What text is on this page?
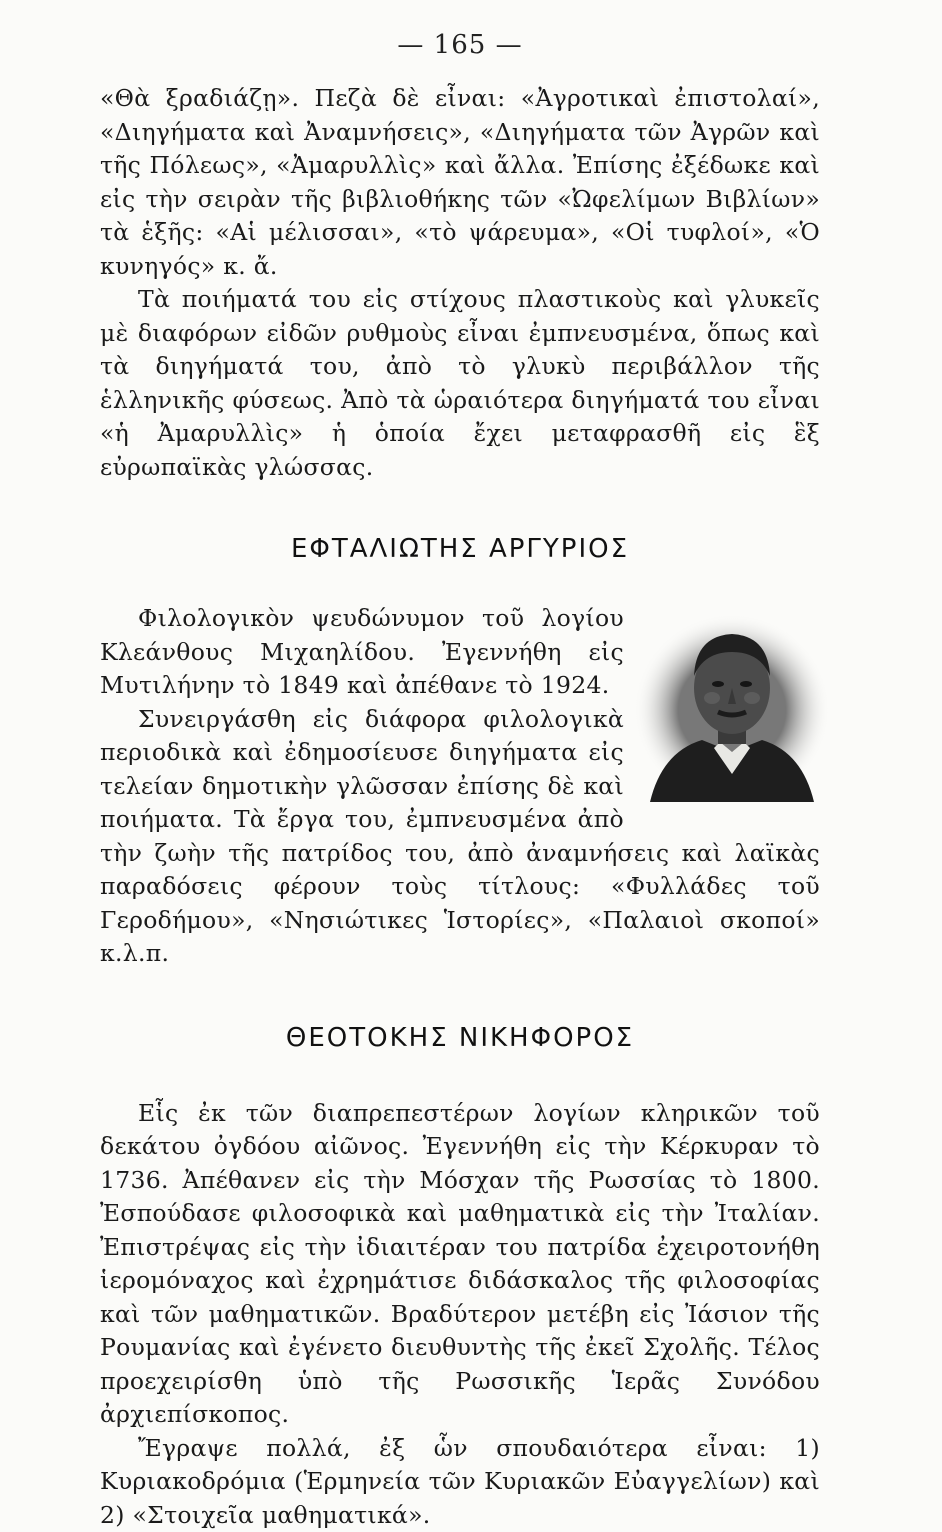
— 165 —

«Θὰ ξραδιάζῃ». Πεζὰ δὲ εἶναι: «Ἀγροτικαὶ ἐπιστολαί», «Διηγήματα καὶ Ἀναμνήσεις», «Διηγήματα τῶν Ἀγρῶν καὶ τῆς Πόλεως», «Ἀμαρυλλὶς» καὶ ἄλλα. Ἐπίσης ἐξέδωκε καὶ εἰς τὴν σειρὰν τῆς βιβλιοθήκης τῶν «Ὠφελίμων Βιβλίων» τὰ ἑξῆς: «Αἱ μέλισσαι», «τὸ ψάρευμα», «Οἱ τυφλοί», «Ὁ κυνηγός» κ. ἄ.

Τὰ ποιήματά του εἰς στίχους πλαστικοὺς καὶ γλυκεῖς μὲ διαφόρων εἰδῶν ρυθμοὺς εἶναι ἐμπνευσμένα, ὅπως καὶ τὰ διηγήματά του, ἀπὸ τὸ γλυκὺ περιβάλλον τῆς ἑλληνικῆς φύσεως. Ἀπὸ τὰ ὡραιότερα διηγήματά του εἶναι «ἡ Ἀμαρυλλὶς» ἡ ὁποία ἔχει μεταφρασθῆ εἰς ἓξ εὐρωπαϊκὰς γλώσσας.

ΕΦΤΑΛΙΩΤΗΣ ΑΡΓΥΡΙΟΣ

Φιλολογικὸν ψευδώνυμον τοῦ λογίου Κλεάνθους Μιχαηλίδου. Ἐγεννήθη εἰς Μυτιλήνην τὸ 1849 καὶ ἀπέθανε τὸ 1924.

Συνειργάσθη εἰς διάφορα φιλολογικὰ περιοδικὰ καὶ ἐδημοσίευσε διηγήματα εἰς τελείαν δημοτικὴν γλῶσσαν ἐπίσης δὲ καὶ ποιήματα. Τὰ ἔργα του, ἐμπνευσμένα ἀπὸ τὴν ζωὴν τῆς πατρίδος του, ἀπὸ ἀναμνήσεις καὶ λαϊκὰς παραδόσεις φέρουν τοὺς τίτλους: «Φυλλάδες τοῦ Γεροδήμου», «Νησιώτικες Ἱστορίες», «Παλαιοὶ σκοποί» κ.λ.π.

ΘΕΟΤΟΚΗΣ ΝΙΚΗΦΟΡΟΣ

Εἷς ἐκ τῶν διαπρεπεστέρων λογίων κληρικῶν τοῦ δεκάτου ὀγδόου αἰῶνος. Ἐγεννήθη εἰς τὴν Κέρκυραν τὸ 1736. Ἀπέθανεν εἰς τὴν Μόσχαν τῆς Ρωσσίας τὸ 1800. Ἐσπούδασε φιλοσοφικὰ καὶ μαθηματικὰ εἰς τὴν Ἰταλίαν. Ἐπιστρέψας εἰς τὴν ἰδιαιτέραν του πατρίδα ἐχειροτονήθη ἱερομόναχος καὶ ἐχρημάτισε διδάσκαλος τῆς φιλοσοφίας καὶ τῶν μαθηματικῶν. Βραδύτερον μετέβη εἰς Ἰάσιον τῆς Ρουμανίας καὶ ἐγένετο διευθυντὴς τῆς ἐκεῖ Σχολῆς. Τέλος προεχειρίσθη ὑπὸ τῆς Ρωσσικῆς Ἱερᾶς Συνόδου ἀρχιεπίσκοπος.

Ἔγραψε πολλά, ἐξ ὧν σπουδαιότερα εἶναι: 1) Κυριακοδρόμια (Ἑρμηνεία τῶν Κυριακῶν Εὐαγγελίων) καὶ 2) «Στοιχεῖα μαθηματικά».
